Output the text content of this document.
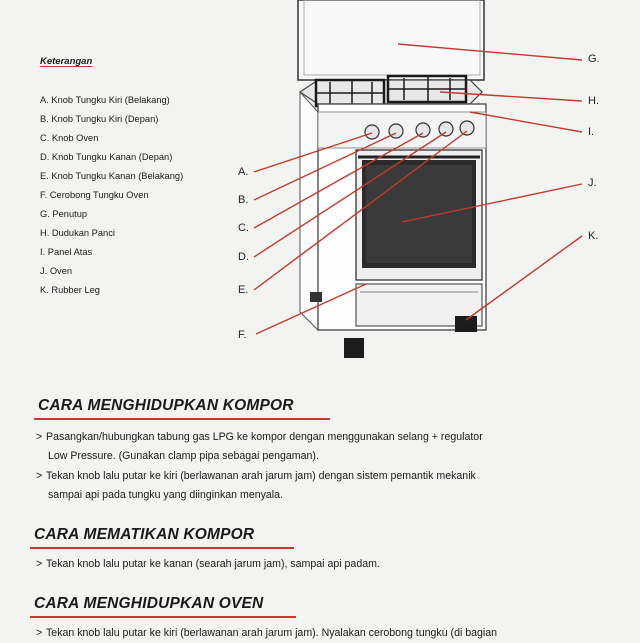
Keterangan
A. Knob Tungku Kiri (Belakang)
B. Knob Tungku Kiri (Depan)
C. Knob Oven
D. Knob Tungku Kanan (Depan)
E. Knob Tungku Kanan (Belakang)
F. Cerobong Tungku Oven
G. Penutup
H. Dudukan Panci
I. Panel Atas
J. Oven
K. Rubber Leg
A.
B.
C.
D.
E.
F.
G.
H.
I.
J.
K.
CARA MENGHIDUPKAN KOMPOR

> Pasangkan/hubungkan tabung gas LPG ke kompor dengan menggunakan selang + regulator
Low Pressure. (Gunakan clamp pipa sebagai pengaman).

> Tekan knob lalu putar ke kiri (berlawanan arah jarum jam) dengan sistem pemantik mekanik
sampai api pada tungku yang diinginkan menyala.

CARA MEMATIKAN KOMPOR

> Tekan knob lalu putar ke kanan (searah jarum jam), sampai api padam.

CARA MENGHIDUPKAN OVEN

> Tekan knob lalu putar ke kiri (berlawanan arah jarum jam). Nyalakan cerobong tungku (di bagian
